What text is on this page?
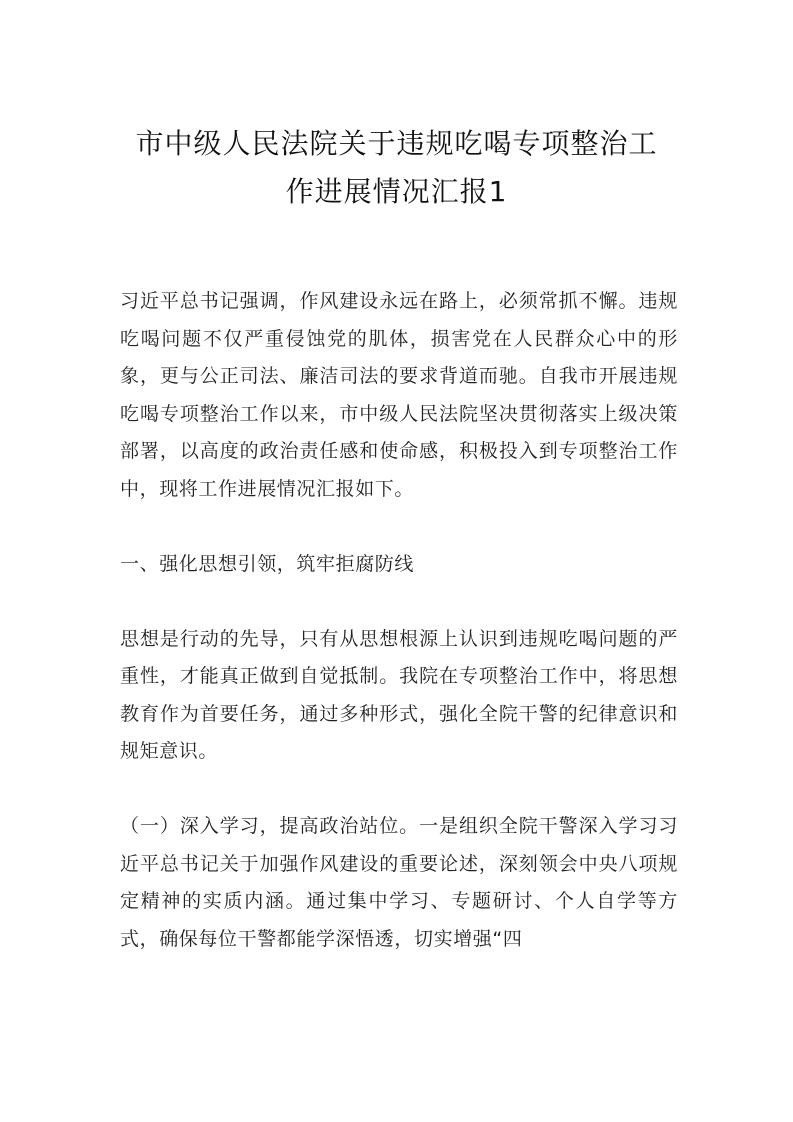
市中级人民法院关于违规吃喝专项整治工
作进展情况汇报1

习近平总书记强调，作风建设永远在路上，必须常抓不懈。违规吃喝问题不仅严重侵蚀党的肌体，损害党在人民群众心中的形象，更与公正司法、廉洁司法的要求背道而驰。自我市开展违规吃喝专项整治工作以来，市中级人民法院坚决贯彻落实上级决策部署，以高度的政治责任感和使命感，积极投入到专项整治工作中，现将工作进展情况汇报如下。

一、强化思想引领，筑牢拒腐防线

思想是行动的先导，只有从思想根源上认识到违规吃喝问题的严重性，才能真正做到自觉抵制。我院在专项整治工作中，将思想教育作为首要任务，通过多种形式，强化全院干警的纪律意识和规矩意识。

（一）深入学习，提高政治站位。一是组织全院干警深入学习习近平总书记关于加强作风建设的重要论述，深刻领会中央八项规定精神的实质内涵。通过集中学习、专题研讨、个人自学等方式，确保每位干警都能学深悟透，切实增强“四
